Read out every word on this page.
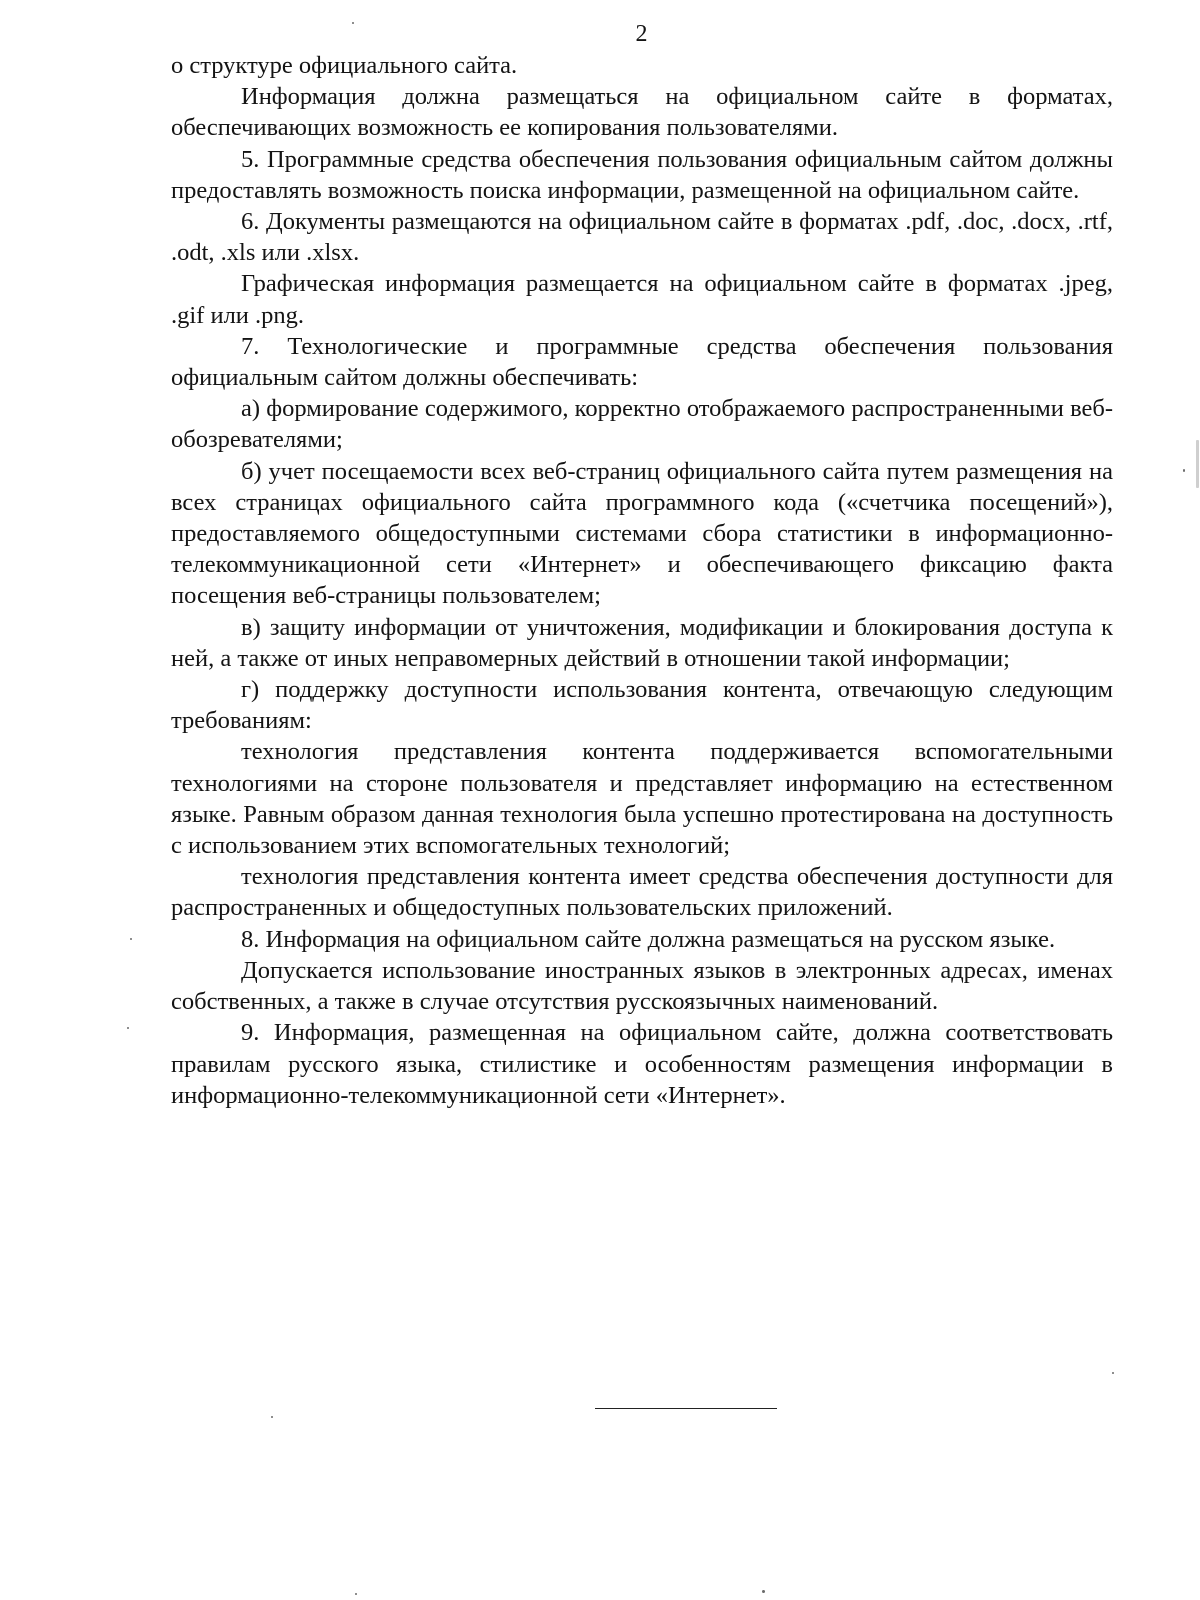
2

о структуре официального сайта.

Информация должна размещаться на официальном сайте в форматах, обеспечивающих возможность ее копирования пользователями.

5. Программные средства обеспечения пользования официальным сайтом должны предоставлять возможность поиска информации, размещенной на официальном сайте.

6. Документы размещаются на официальном сайте в форматах .pdf, .doc, .docx, .rtf, .odt, .xls или .xlsx.

Графическая информация размещается на официальном сайте в форматах .jpeg, .gif или .png.

7. Технологические и программные средства обеспечения пользования официальным сайтом должны обеспечивать:

а) формирование содержимого, корректно отображаемого распространенными веб-обозревателями;

б) учет посещаемости всех веб-страниц официального сайта путем размещения на всех страницах официального сайта программного кода («счетчика посещений»), предоставляемого общедоступными системами сбора статистики в информационно-телекоммуникационной сети «Интернет» и обеспечивающего фиксацию факта посещения веб-страницы пользователем;

в) защиту информации от уничтожения, модификации и блокирования доступа к ней, а также от иных неправомерных действий в отношении такой информации;

г) поддержку доступности использования контента, отвечающую следующим требованиям:

технология представления контента поддерживается вспомогательными технологиями на стороне пользователя и представляет информацию на естественном языке. Равным образом данная технология была успешно протестирована на доступность с использованием этих вспомогательных технологий;

технология представления контента имеет средства обеспечения доступности для распространенных и общедоступных пользовательских приложений.

8. Информация на официальном сайте должна размещаться на русском языке.

Допускается использование иностранных языков в электронных адресах, именах собственных, а также в случае отсутствия русскоязычных наименований.

9. Информация, размещенная на официальном сайте, должна соответствовать правилам русского языка, стилистике и особенностям размещения информации в информационно-телекоммуникационной сети «Интернет».
